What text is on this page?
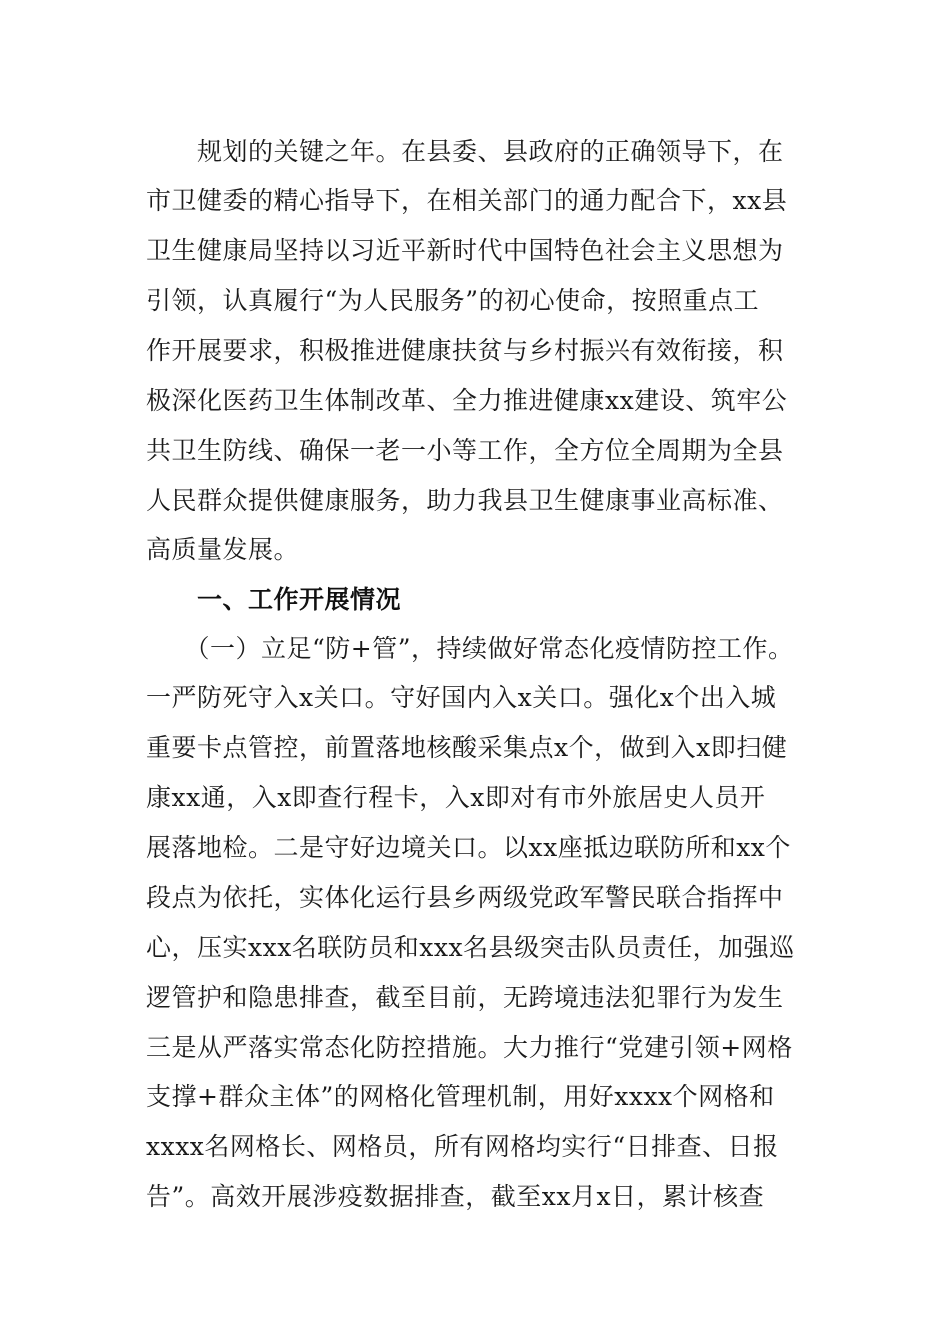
　　规划的关键之年。在县委、县政府的正确领导下，在
市卫健委的精心指导下，在相关部门的通力配合下，xx县
卫生健康局坚持以习近平新时代中国特色社会主义思想为
引领，认真履行“为人民服务”的初心使命，按照重点工
作开展要求，积极推进健康扶贫与乡村振兴有效衔接，积
极深化医药卫生体制改革、全力推进健康xx建设、筑牢公
共卫生防线、确保一老一小等工作，全方位全周期为全县
人民群众提供健康服务，助力我县卫生健康事业高标准、
高质量发展。
　　一、工作开展情况
　　（一）立足“防+管”，持续做好常态化疫情防控工作。
一严防死守入x关口。守好国内入x关口。强化x个出入城
重要卡点管控，前置落地核酸采集点x个，做到入x即扫健
康xx通，入x即查行程卡，入x即对有市外旅居史人员开
展落地检。二是守好边境关口。以xx座抵边联防所和xx个
段点为依托，实体化运行县乡两级党政军警民联合指挥中
心，压实xxx名联防员和xxx名县级突击队员责任，加强巡
逻管护和隐患排查，截至目前，无跨境违法犯罪行为发生
三是从严落实常态化防控措施。大力推行“党建引领+网格
支撑+群众主体”的网格化管理机制，用好xxxx个网格和
xxxx名网格长、网格员，所有网格均实行“日排查、日报
告”。高效开展涉疫数据排查，截至xx月x日，累计核查
